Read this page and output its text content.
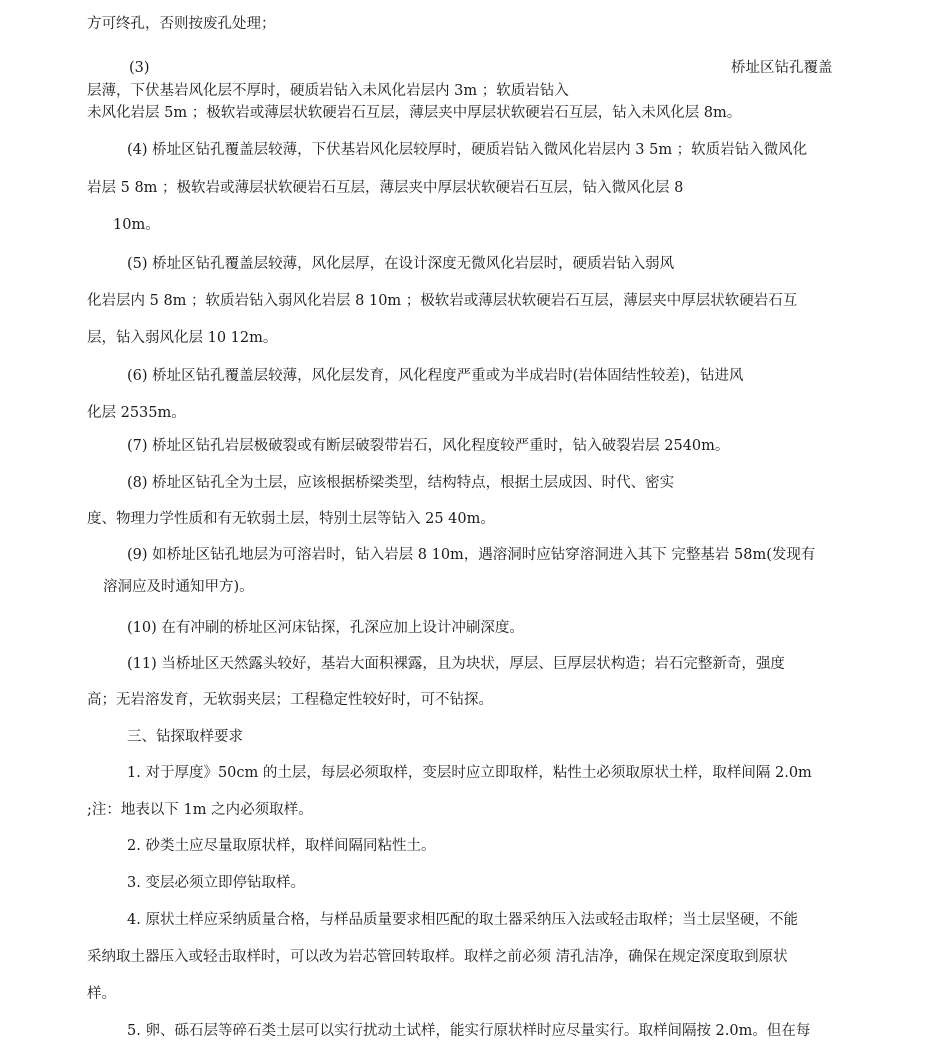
方可终孔，否则按废孔处理；
(3)	桥址区钻孔覆盖
层薄，下伏基岩风化层不厚时，硬质岩钻入未风化岩层内 3m ；软质岩钻入
未风化岩层 5m ；极软岩或薄层状软硬岩石互层，薄层夹中厚层状软硬岩石互层，钻入未风化层 8m。
(4) 桥址区钻孔覆盖层较薄，下伏基岩风化层较厚时，硬质岩钻入微风化岩层内 3 5m ；软质岩钻入微风化
岩层 5 8m ；极软岩或薄层状软硬岩石互层，薄层夹中厚层状软硬岩石互层，钻入微风化层 8
10m。
(5) 桥址区钻孔覆盖层较薄，风化层厚，在设计深度无微风化岩层时，硬质岩钻入弱风
化岩层内 5 8m ；软质岩钻入弱风化岩层 8 10m ；极软岩或薄层状软硬岩石互层，薄层夹中厚层状软硬岩石互
层，钻入弱风化层 10 12m。
(6) 桥址区钻孔覆盖层较薄，风化层发育，风化程度严重或为半成岩时(岩体固结性较差)，钻进风
化层 2535m。
(7) 桥址区钻孔岩层极破裂或有断层破裂带岩石，风化程度较严重时，钻入破裂岩层 2540m。
(8) 桥址区钻孔全为土层，应该根据桥梁类型，结构特点，根据土层成因、时代、密实
度、物理力学性质和有无软弱土层，特别土层等钻入 25 40m。
(9) 如桥址区钻孔地层为可溶岩时，钻入岩层 8 10m，遇溶洞时应钻穿溶洞进入其下 完整基岩 58m(发现有
溶洞应及时通知甲方)。
(10) 在有冲刷的桥址区河床钻探，孔深应加上设计冲刷深度。
(11) 当桥址区天然露头较好，基岩大面积裸露，且为块状，厚层、巨厚层状构造；岩石完整新奇，强度
高；无岩溶发育，无软弱夹层；工程稳定性较好时，可不钻探。
三、钻探取样要求
1. 对于厚度》50cm 的土层，每层必须取样，变层时应立即取样，粘性土必须取原状土样，取样间隔 2.0m
;注：地表以下 1m 之内必须取样。
2. 砂类土应尽量取原状样，取样间隔同粘性土。
3. 变层必须立即停钻取样。
4. 原状土样应采纳质量合格，与样品质量要求相匹配的取土器采纳压入法或轻击取样；当土层坚硬，不能
采纳取土器压入或轻击取样时，可以改为岩芯管回转取样。取样之前必须 清孔洁净，确保在规定深度取到原状
样。
5. 卵、砾石层等碎石类土层可以实行扰动土试样，能实行原状样时应尽量实行。取样间隔按 2.0m。但在每
